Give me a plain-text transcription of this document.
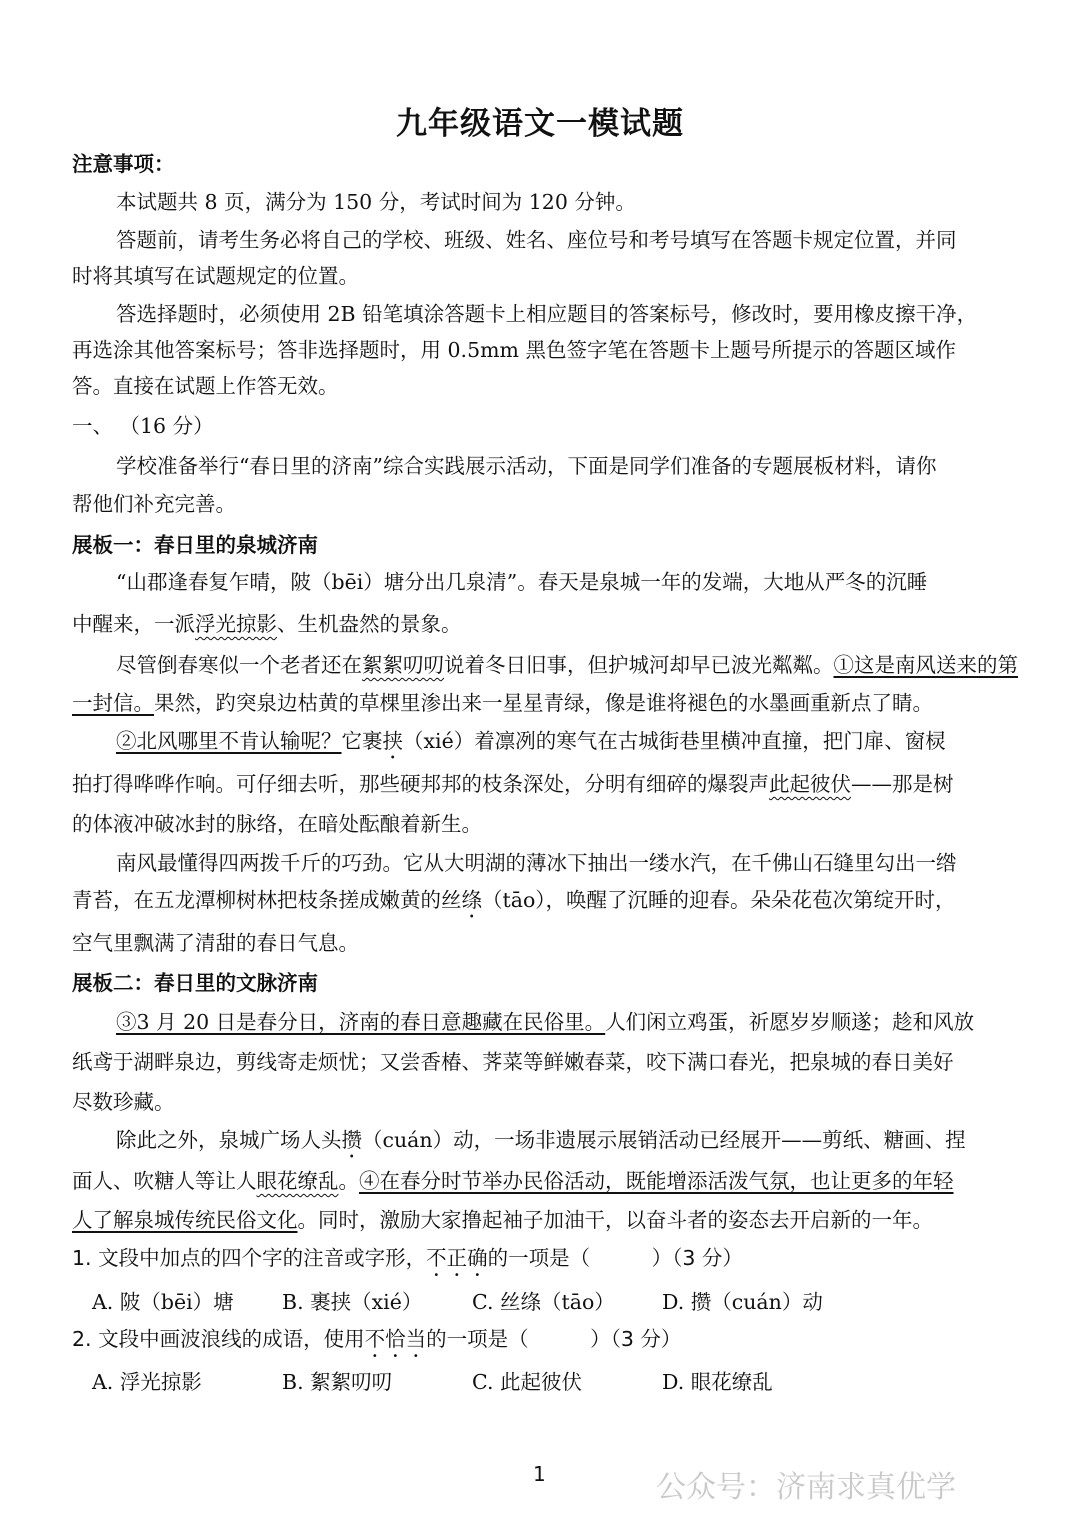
九年级语文一模试题
注意事项：
本试题共 8 页，满分为 150 分，考试时间为 120 分钟。
答题前，请考生务必将自己的学校、班级、姓名、座位号和考号填写在答题卡规定位置，并同
时将其填写在试题规定的位置。
答选择题时，必须使用 2B 铅笔填涂答题卡上相应题目的答案标号，修改时，要用橡皮擦干净，
再选涂其他答案标号；答非选择题时，用 0.5mm 黑色签字笔在答题卡上题号所提示的答题区域作
答。直接在试题上作答无效。
一、 （16 分）
学校准备举行“春日里的济南”综合实践展示活动，下面是同学们准备的专题展板材料，请你
帮他们补充完善。
展板一：春日里的泉城济南
“山郡逢春复乍晴，陂（bēi）塘分出几泉清”。春天是泉城一年的发端，大地从严冬的沉睡
中醒来，一派浮光掠影、生机盎然的景象。
尽管倒春寒似一个老者还在絮絮叨叨说着冬日旧事，但护城河却早已波光粼粼。①这是南风送来的第
一封信。果然，趵突泉边枯黄的草棵里渗出来一星星青绿，像是谁将褪色的水墨画重新点了睛。
②北风哪里不肯认输呢？它裹挟（xié）着凛冽的寒气在古城街巷里横冲直撞，把门扉、窗棂
拍打得哗哗作响。可仔细去听，那些硬邦邦的枝条深处，分明有细碎的爆裂声此起彼伏——那是树
的体液冲破冰封的脉络，在暗处酝酿着新生。
南风最懂得四两拨千斤的巧劲。它从大明湖的薄冰下抽出一缕水汽，在千佛山石缝里勾出一绺
青苔，在五龙潭柳树林把枝条搓成嫩黄的丝绦（tāo），唤醒了沉睡的迎春。朵朵花苞次第绽开时，
空气里飘满了清甜的春日气息。
展板二：春日里的文脉济南
③3 月 20 日是春分日，济南的春日意趣藏在民俗里。人们闲立鸡蛋，祈愿岁岁顺遂；趁和风放
纸鸢于湖畔泉边，剪线寄走烦忧；又尝香椿、荠菜等鲜嫩春菜，咬下满口春光，把泉城的春日美好
尽数珍藏。
除此之外，泉城广场人头攒（cuán）动，一场非遗展示展销活动已经展开——剪纸、糖画、捏
面人、吹糖人等让人眼花缭乱。④在春分时节举办民俗活动，既能增添活泼气氛，也让更多的年轻
人了解泉城传统民俗文化。同时，激励大家撸起袖子加油干，以奋斗者的姿态去开启新的一年。
1. 文段中加点的四个字的注音或字形，不正确的一项是（　　　）（3 分）
A. 陂（bēi）塘 B. 裹挟（xié） C. 丝绦（tāo） D. 攒（cuán）动
2. 文段中画波浪线的成语，使用不恰当的一项是（　　　）（3 分）
A. 浮光掠影	B. 絮絮叨叨	C. 此起彼伏	D. 眼花缭乱
1	公众号：济南求真优学
